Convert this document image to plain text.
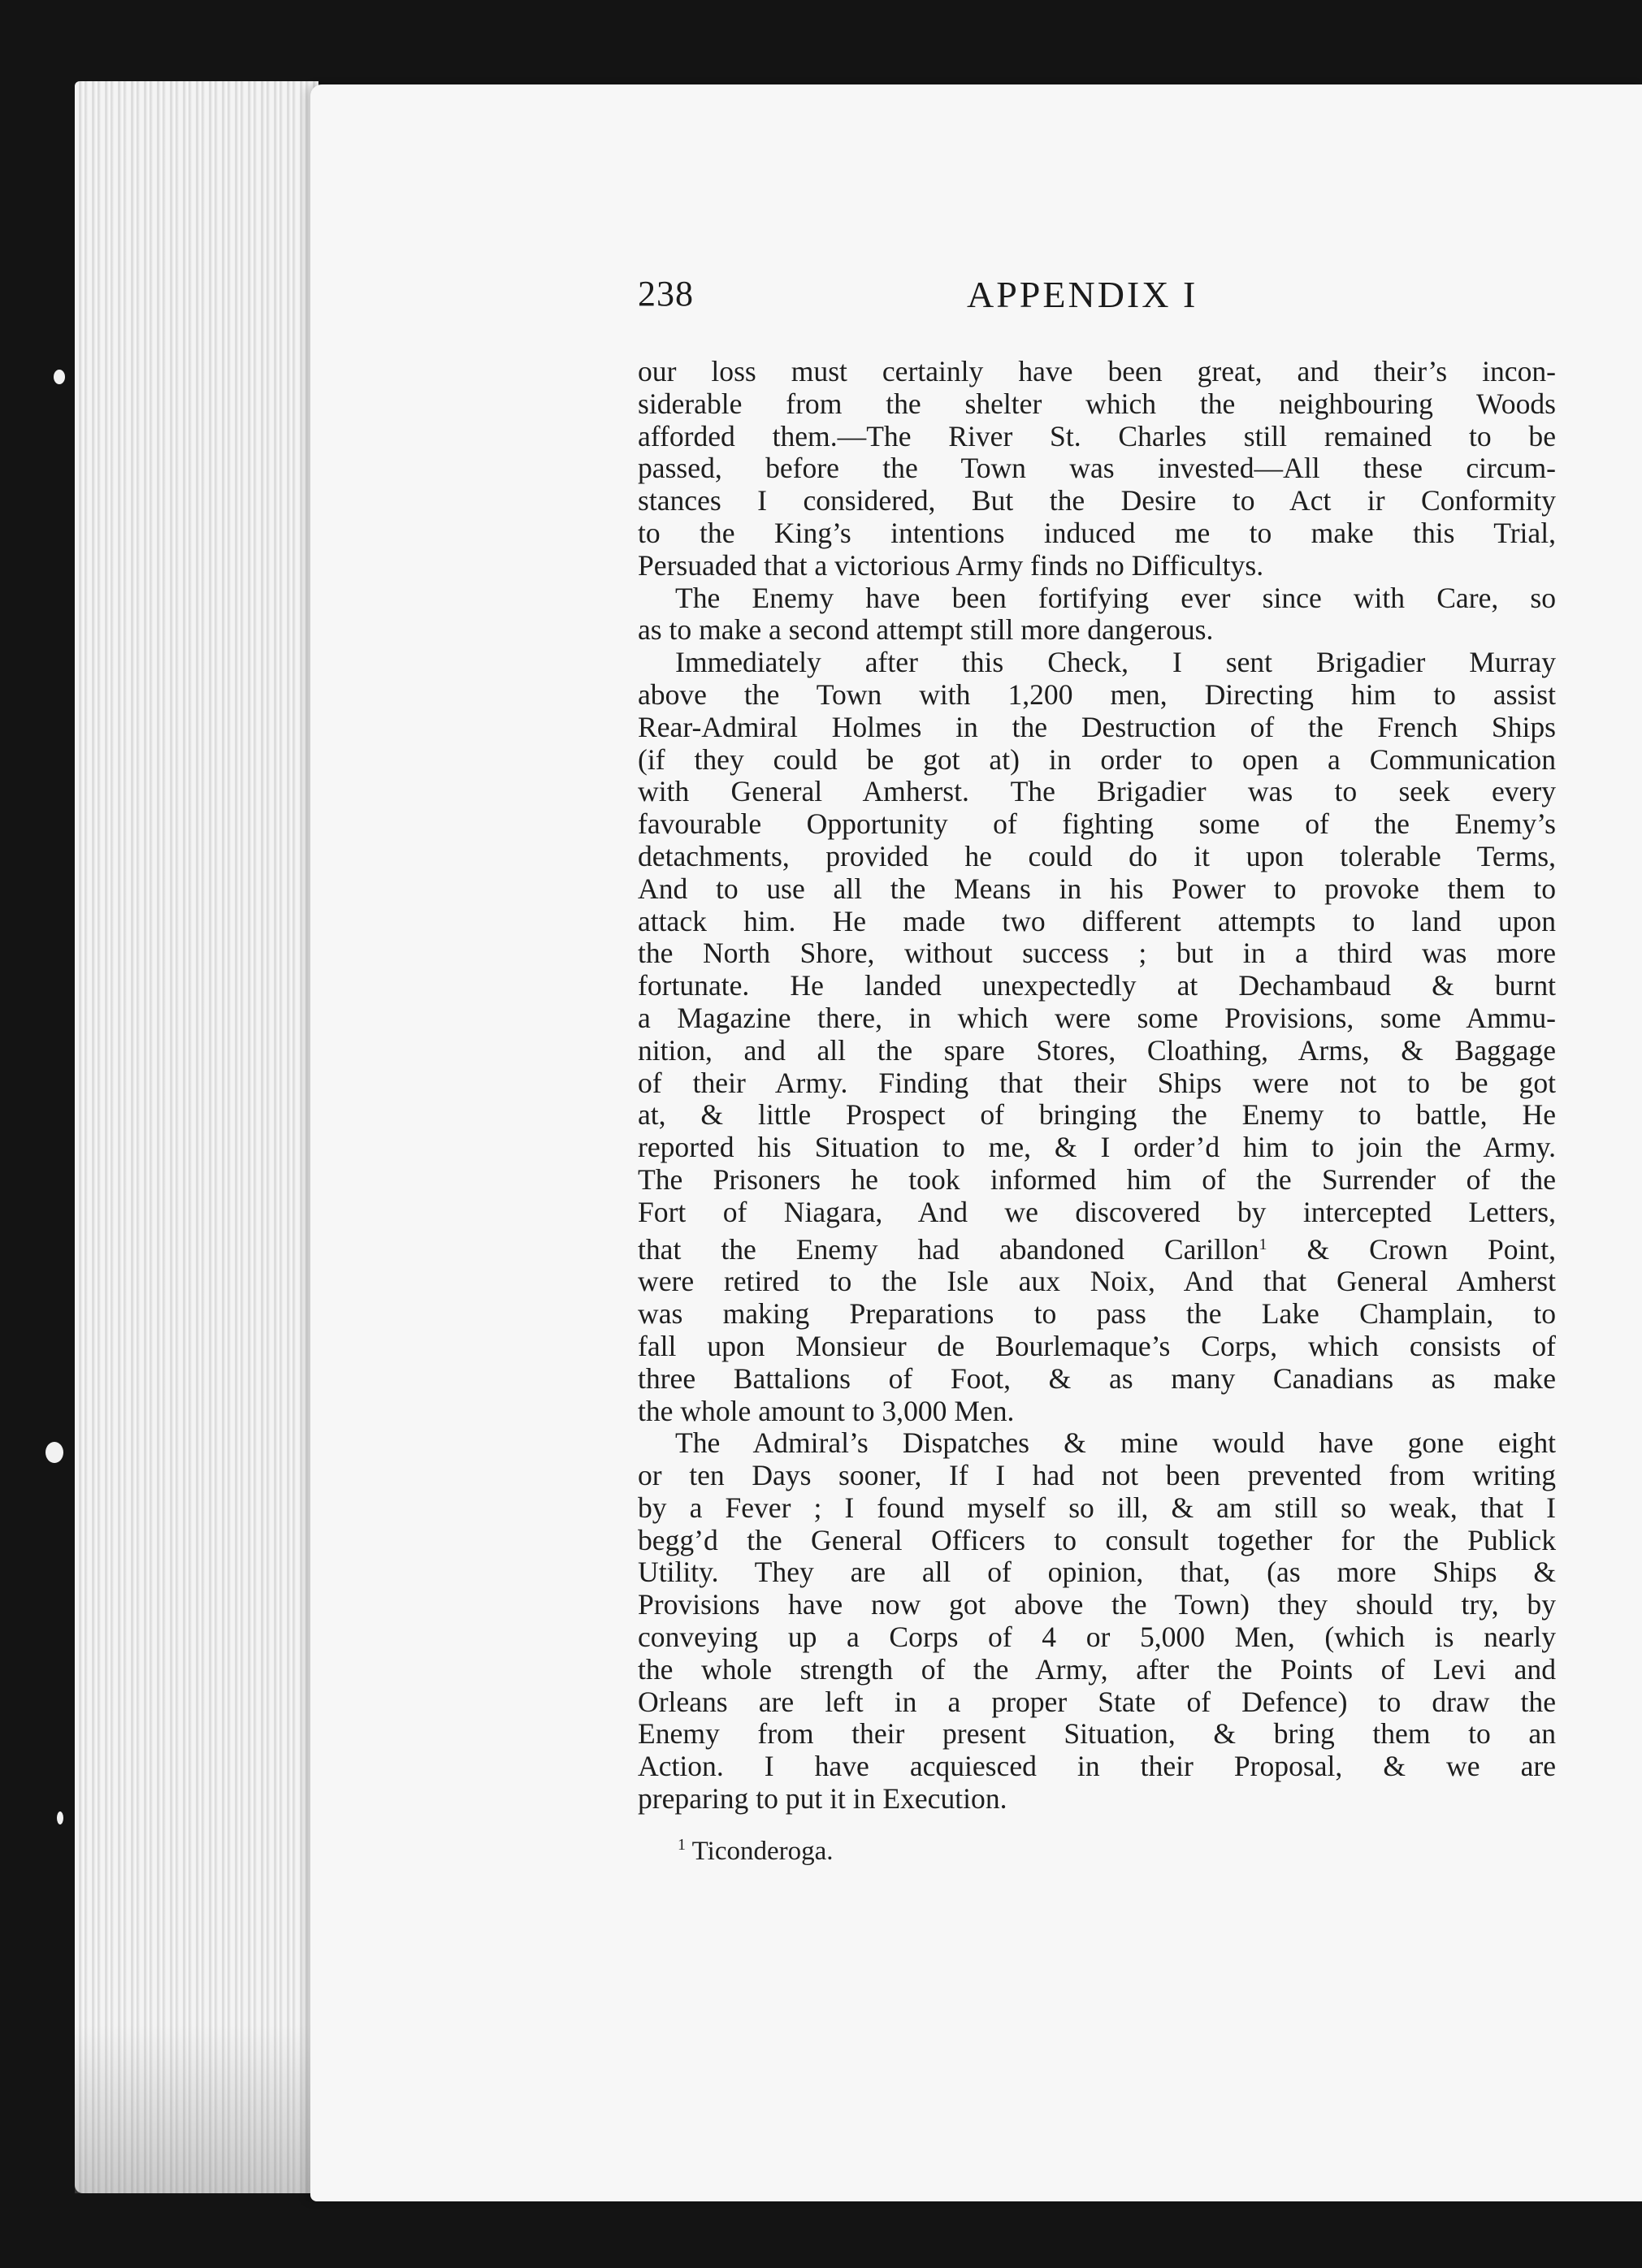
238	APPENDIX I
our loss must certainly have been great, and their’s incon-
siderable from the shelter which the neighbouring Woods
afforded them.—The River St. Charles still remained to be
passed, before the Town was invested—All these circum-
stances I considered, But the Desire to Act ir Conformity
to the King’s intentions induced me to make this Trial,
Persuaded that a victorious Army finds no Difficultys.
The Enemy have been fortifying ever since with Care, so
as to make a second attempt still more dangerous.
Immediately after this Check, I sent Brigadier Murray
above the Town with 1,200 men, Directing him to assist
Rear-Admiral Holmes in the Destruction of the French Ships
(if they could be got at) in order to open a Communication
with General Amherst. The Brigadier was to seek every
favourable Opportunity of fighting some of the Enemy’s
detachments, provided he could do it upon tolerable Terms,
And to use all the Means in his Power to provoke them to
attack him. He made two different attempts to land upon
the North Shore, without success ; but in a third was more
fortunate. He landed unexpectedly at Dechambaud & burnt
a Magazine there, in which were some Provisions, some Ammu-
nition, and all the spare Stores, Cloathing, Arms, & Baggage
of their Army. Finding that their Ships were not to be got
at, & little Prospect of bringing the Enemy to battle, He
reported his Situation to me, & I order’d him to join the Army.
The Prisoners he took informed him of the Surrender of the
Fort of Niagara, And we discovered by intercepted Letters,
that the Enemy had abandoned Carillon$^1$ & Crown Point,
were retired to the Isle aux Noix, And that General Amherst
was making Preparations to pass the Lake Champlain, to
fall upon Monsieur de Bourlemaque’s Corps, which consists of
three Battalions of Foot, & as many Canadians as make
the whole amount to 3,000 Men.
The Admiral’s Dispatches & mine would have gone eight
or ten Days sooner, If I had not been prevented from writing
by a Fever ; I found myself so ill, & am still so weak, that I
begg’d the General Officers to consult together for the Publick
Utility. They are all of opinion, that, (as more Ships &
Provisions have now got above the Town) they should try, by
conveying up a Corps of 4 or 5,000 Men, (which is nearly
the whole strength of the Army, after the Points of Levi and
Orleans are left in a proper State of Defence) to draw the
Enemy from their present Situation, & bring them to an
Action. I have acquiesced in their Proposal, & we are
preparing to put it in Execution.
$^1$ Ticonderoga.
